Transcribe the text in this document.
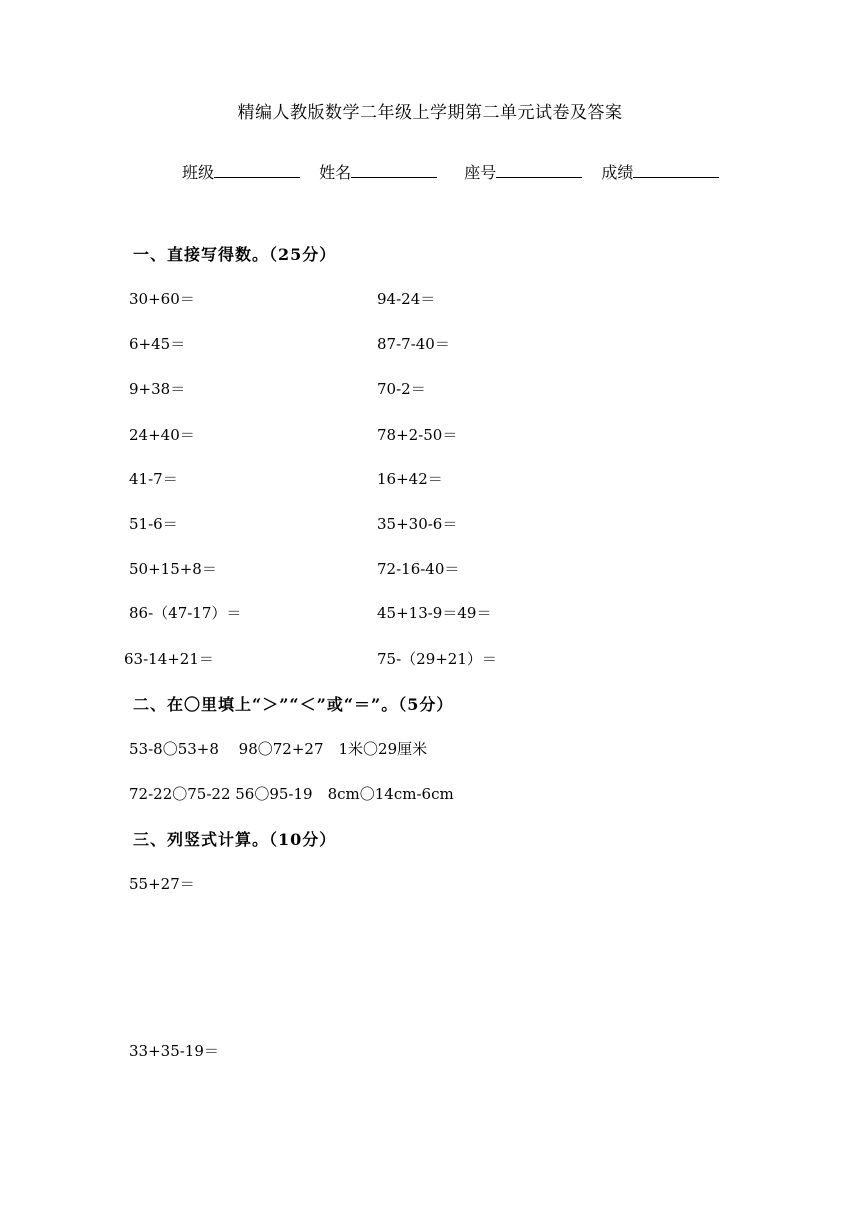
精编人教版数学二年级上学期第二单元试卷及答案
班级	姓名	座号	成绩
一、直接写得数。（25分）
30+60＝	94-24＝
6+45＝	87-7-40＝
9+38＝	70-2＝
24+40＝	78+2-50＝
41-7＝	16+42＝
51-6＝	35+30-6＝
50+15+8＝	72-16-40＝
86-（47-17）＝	45+13-9＝49＝
63-14+21＝	75-（29+21）＝
二、在〇里填上“＞”“＜”或“＝”。（5分）
53-8〇53+8　 98〇72+27　1米〇29厘米
72-22〇75-22 56〇95-19　8cm〇14cm-6cm
三、列竖式计算。（10分）
55+27＝
33+35-19＝
